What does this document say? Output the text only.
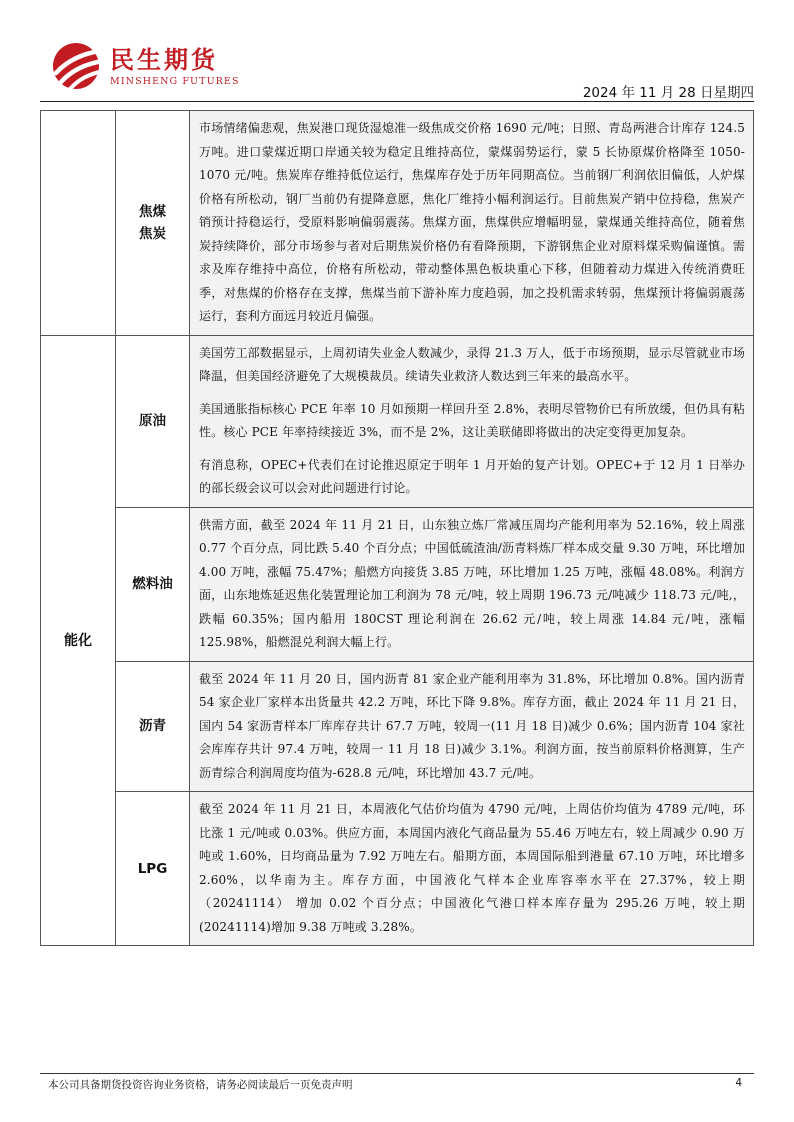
民生期货
MINSHENG FUTURES
2024 年 11 月 28 日星期四

	焦煤
焦炭	市场情绪偏悲观，焦炭港口现货湿熄准一级焦成交价格 1690 元/吨；日照、青岛两港合计库存 124.5 万吨。进口蒙煤近期口岸通关较为稳定且维持高位，蒙煤弱势运行，蒙 5 长协原煤价格降至 1050-1070 元/吨。焦炭库存维持低位运行，焦煤库存处于历年同期高位。当前钢厂利润依旧偏低，人炉煤价格有所松动，钢厂当前仍有提降意愿，焦化厂维持小幅利润运行。目前焦炭产销中位持稳，焦炭产销预计持稳运行，受原料影响偏弱震荡。焦煤方面，焦煤供应增幅明显，蒙煤通关维持高位，随着焦炭持续降价，部分市场参与者对后期焦炭价格仍有看降预期，下游钢焦企业对原料煤采购偏谨慎。需求及库存维持中高位，价格有所松动，带动整体黑色板块重心下移，但随着动力煤进入传统消费旺季，对焦煤的价格存在支撑，焦煤当前下游补库力度趋弱，加之投机需求转弱，焦煤预计将偏弱震荡运行，套利方面远月较近月偏强。

能化	原油	美国劳工部数据显示，上周初请失业金人数减少，录得 21.3 万人，低于市场预期，显示尽管就业市场降温，但美国经济避免了大规模裁员。续请失业救济人数达到三年来的最高水平。

美国通胀指标核心 PCE 年率 10 月如预期一样回升至 2.8%，表明尽管物价已有所放缓，但仍具有粘性。核心 PCE 年率持续接近 3%，而不是 2%，这让美联储即将做出的决定变得更加复杂。

有消息称，OPEC+代表们在讨论推迟原定于明年 1 月开始的复产计划。OPEC+于 12 月 1 日举办的部长级会议可以会对此问题进行讨论。

	燃料油	供需方面，截至 2024 年 11 月 21 日，山东独立炼厂常减压周均产能利用率为 52.16%，较上周涨 0.77 个百分点，同比跌 5.40 个百分点；中国低硫渣油/沥青料炼厂样本成交量 9.30 万吨，环比增加 4.00 万吨，涨幅 75.47%；船燃方向接货 3.85 万吨，环比增加 1.25 万吨，涨幅 48.08%。利润方面，山东地炼延迟焦化装置理论加工利润为 78 元/吨，较上周期 196.73 元/吨减少 118.73 元/吨,，跌幅 60.35%；国内船用 180CST 理论利润在 26.62 元/吨，较上周涨 14.84 元/吨，涨幅 125.98%，船燃混兑利润大幅上行。

	沥青	截至 2024 年 11 月 20 日，国内沥青 81 家企业产能利用率为 31.8%，环比增加 0.8%。国内沥青 54 家企业厂家样本出货量共 42.2 万吨，环比下降 9.8%。库存方面，截止 2024 年 11 月 21 日，国内 54 家沥青样本厂库库存共计 67.7 万吨，较周一(11 月 18 日)减少 0.6%；国内沥青 104 家社会库库存共计 97.4 万吨，较周一 11 月 18 日)减少 3.1%。利润方面，按当前原料价格测算，生产沥青综合利润周度均值为-628.8 元/吨，环比增加 43.7 元/吨。

	LPG	截至 2024 年 11 月 21 日，本周液化气估价均值为 4790 元/吨，上周估价均值为 4789 元/吨，环比涨 1 元/吨或 0.03%。供应方面，本周国内液化气商品量为 55.46 万吨左右，较上周减少 0.90 万吨或 1.60%，日均商品量为 7.92 万吨左右。船期方面，本周国际船到港量 67.10 万吨，环比增多 2.60%，以华南为主。库存方面，中国液化气样本企业库容率水平在 27.37%，较上期 （20241114） 增加 0.02 个百分点；中国液化气港口样本库存量为 295.26 万吨，较上期(20241114)增加 9.38 万吨或 3.28%。

本公司具备期货投资咨询业务资格，请务必阅读最后一页免责声明	4
